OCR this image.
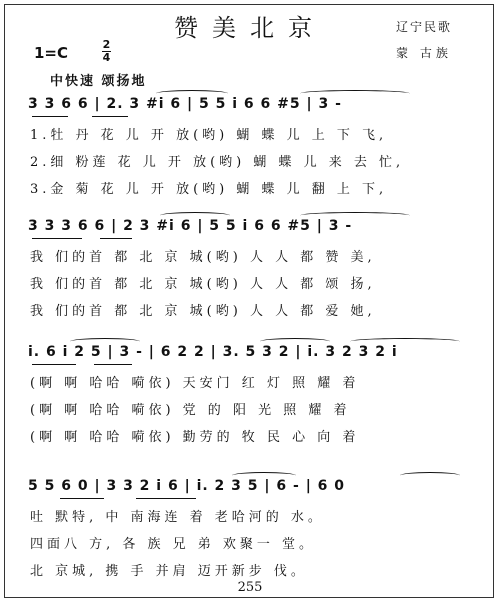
赞美北京	辽宁民歌
蒙 古族
1=C	2
4
中快速 颂扬地
3 3 6 6 | 2. 3 #i 6 | 5 5 i 6 6 #5 | 3 -
1.牡 丹 花 儿 开 放(哟) 蝴 蝶 儿 上 下 飞,
2.细 粉莲 花 儿 开 放(哟) 蝴 蝶 儿 来 去 忙,
3.金 菊 花 儿 开 放(哟) 蝴 蝶 儿 翻 上 下,
3 3 3 6 6 | 2 3 #i 6 | 5 5 i 6 6 #5 | 3 -
我 们的首 都 北 京 城(哟) 人 人 都 赞 美,
我 们的首 都 北 京 城(哟) 人 人 都 颂 扬,
我 们的首 都 北 京 城(哟) 人 人 都 爱 她,
i. 6 i 2 5 | 3 - | 6 2 2 | 3. 5 3 2 | i. 3 2 3 2 i
(啊 啊 哈哈 嗬依) 天安门 红 灯 照 耀 着
(啊 啊 哈哈 嗬依) 党 的 阳 光 照 耀 着
(啊 啊 哈哈 嗬依) 勤劳的 牧 民 心 向 着
5 5 6 0 | 3 3 2 i 6 | i. 2 3 5 | 6 - | 6 0
吐 默特, 中 南海连 着 老哈河的 水。
四面八 方, 各 族 兄 弟 欢聚一 堂。
北 京城, 携 手 并肩 迈开新步 伐。
255
